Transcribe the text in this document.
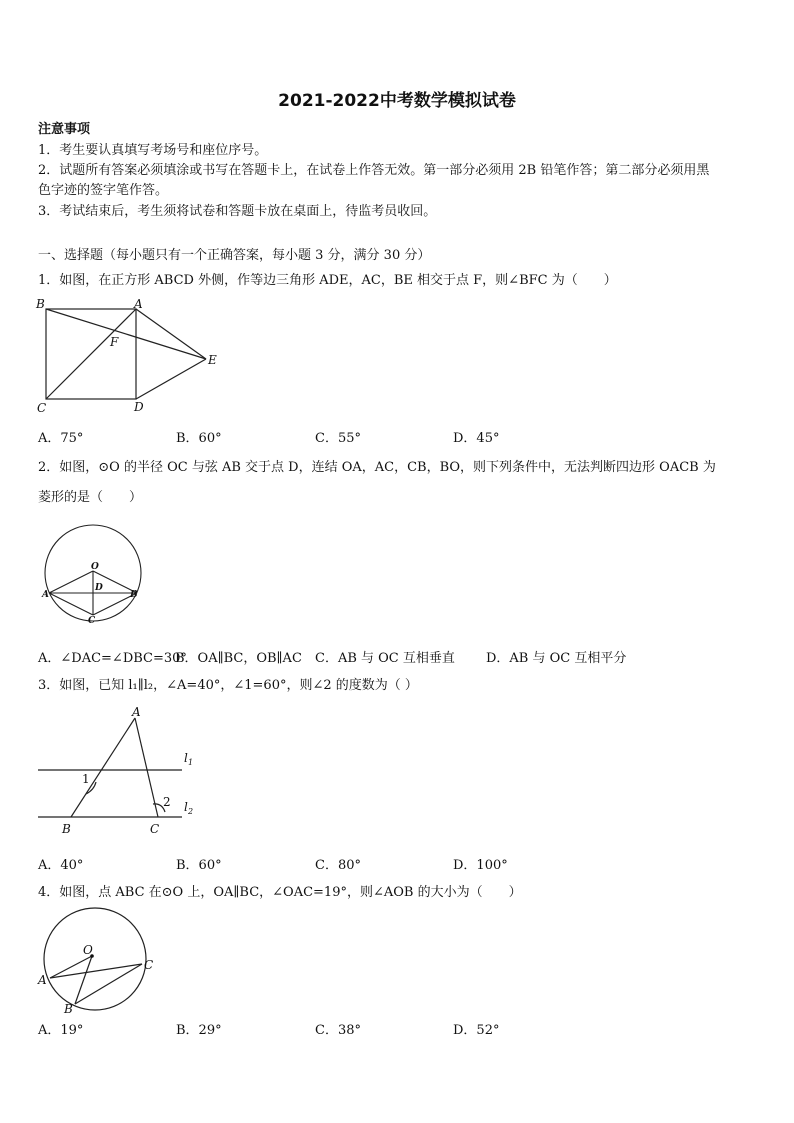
2021-2022中考数学模拟试卷
注意事项
1．考生要认真填写考场号和座位序号。
2．试题所有答案必须填涂或书写在答题卡上，在试卷上作答无效。第一部分必须用 2B 铅笔作答；第二部分必须用黑
色字迹的签字笔作答。
3．考试结束后，考生须将试卷和答题卡放在桌面上，待监考员收回。
一、选择题（每小题只有一个正确答案，每小题 3 分，满分 30 分）
1．如图，在正方形 ABCD 外侧，作等边三角形 ADE，AC，BE 相交于点 F，则∠BFC 为（　　）
B	A
F
E
C	D
A．75°	B．60°	C．55°	D．45°
2．如图，⊙O 的半径 OC 与弦 AB 交于点 D，连结 OA，AC，CB，BO，则下列条件中，无法判断四边形 OACB 为
菱形的是（　　）
O
D
A	B
C
A．∠DAC=∠DBC=30°
B．OA∥BC，OB∥AC C．AB 与 OC 互相垂直 D．AB 与 OC 互相平分
3．如图，已知 l₁∥l₂，∠A=40°，∠1=60°，则∠2 的度数为（ ）
A
l 1
l 2
1
2
B	C
A．40°	B．60°	C．80°	D．100°
4．如图，点 ABC 在⊙O 上，OA∥BC，∠OAC=19°，则∠AOB 的大小为（　　）
O
A
C
B
A．19°	B．29°	C．38°	D．52°
